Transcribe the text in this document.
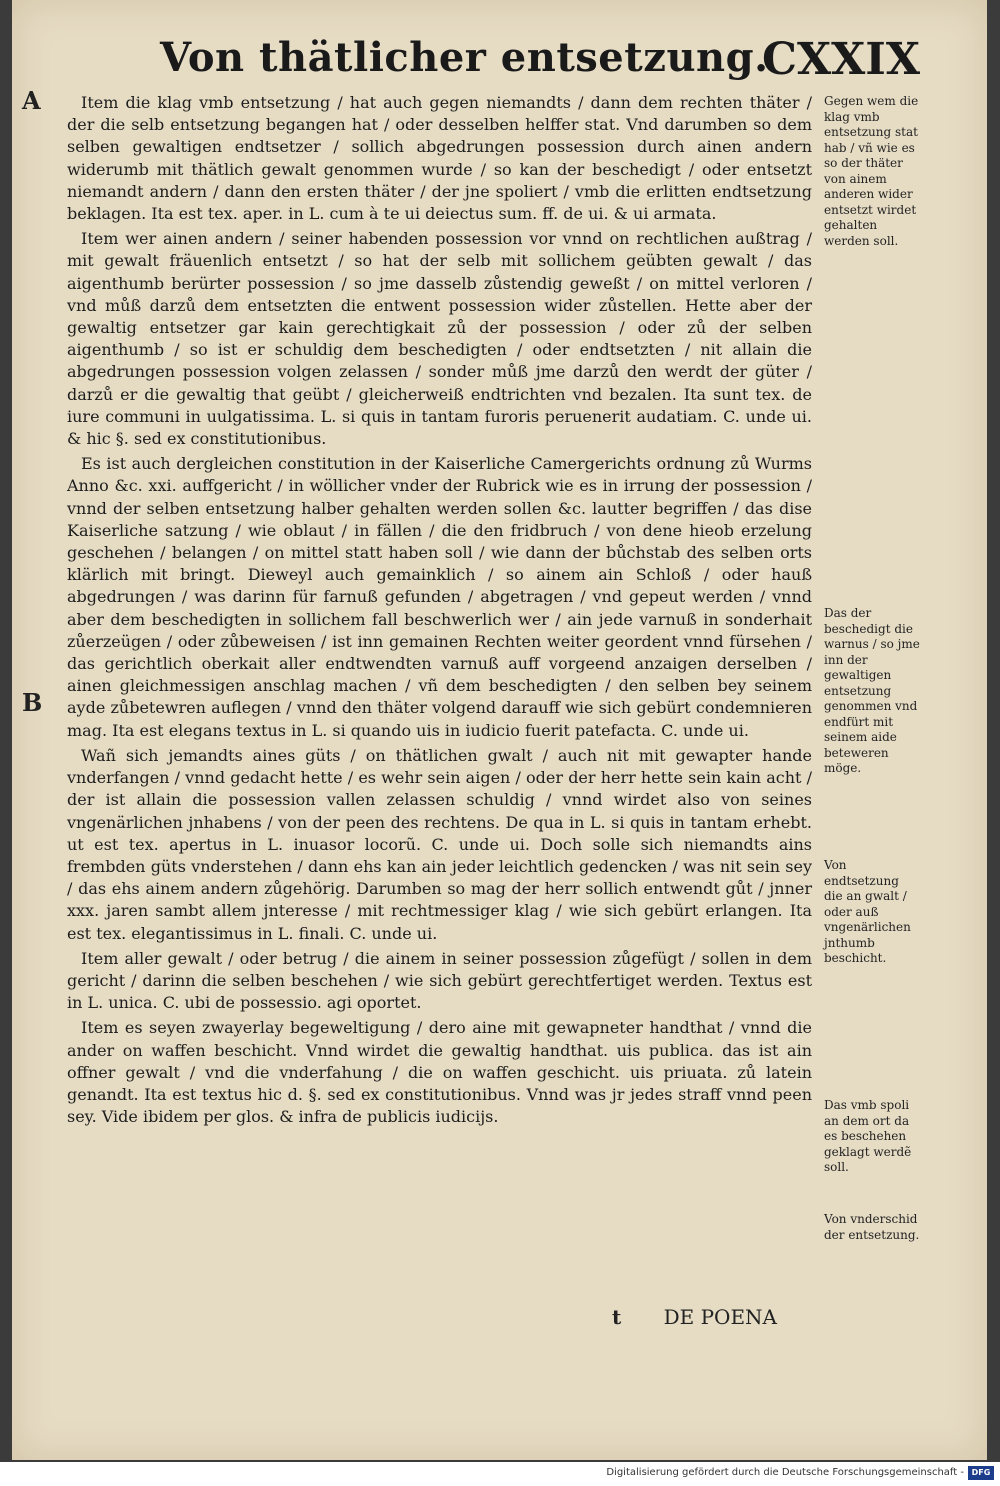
Von thätlicher entsetzung.
CXXIX
A
B

Item die klag vmb entsetzung / hat auch gegen niemandts / dann dem rechten thäter / der die selb entsetzung begangen hat / oder desselben helffer stat. Vnd darumben so dem selben gewaltigen endtsetzer / sollich abgedrungen possession durch ainen andern widerumb mit thätlich gewalt genommen wurde / so kan der beschedigt / oder entsetzt niemandt andern / dann den ersten thäter / der jne spoliert / vmb die erlitten endtsetzung beklagen. Ita est tex. aper. in L. cum à te ui deiectus sum. ff. de ui. & ui armata.

Item wer ainen andern / seiner habenden possession vor vnnd on rechtlichen außtrag / mit gewalt fräuenlich entsetzt / so hat der selb mit sollichem geübten gewalt / das aigenthumb berürter possession / so jme dasselb zůstendig geweßt / on mittel verloren / vnd můß darzů dem entsetzten die entwent possession wider zůstellen. Hette aber der gewaltig entsetzer gar kain gerechtigkait zů der possession / oder zů der selben aigenthumb / so ist er schuldig dem beschedigten / oder endtsetzten / nit allain die abgedrungen possession volgen zelassen / sonder můß jme darzů den werdt der güter / darzů er die gewaltig that geübt / gleicherweiß endtrichten vnd bezalen. Ita sunt tex. de iure communi in uulgatissima. L. si quis in tantam furoris peruenerit audatiam. C. unde ui. & hic §. sed ex constitutionibus.

Es ist auch dergleichen constitution in der Kaiserliche Camergerichts ordnung zů Wurms Anno &c. xxi. auffgericht / in wöllicher vnder der Rubrick wie es in irrung der possession / vnnd der selben entsetzung halber gehalten werden sollen &c. lautter begriffen / das dise Kaiserliche satzung / wie oblaut / in fällen / die den fridbruch / von dene hieob erzelung geschehen / belangen / on mittel statt haben soll / wie dann der bůchstab des selben orts klärlich mit bringt. Dieweyl auch gemainklich / so ainem ain Schloß / oder hauß abgedrungen / was darinn für farnuß gefunden / abgetragen / vnd gepeut werden / vnnd aber dem beschedigten in sollichem fall beschwerlich wer / ain jede varnuß in sonderhait zůerzeügen / oder zůbeweisen / ist inn gemainen Rechten weiter geordent vnnd fürsehen / das gerichtlich oberkait aller endtwendten varnuß auff vorgeend anzaigen derselben / ainen gleichmessigen anschlag machen / vñ dem beschedigten / den selben bey seinem ayde zůbetewren auflegen / vnnd den thäter volgend darauff wie sich gebürt condemnieren mag. Ita est elegans textus in L. si quando uis in iudicio fuerit patefacta. C. unde ui.

Wañ sich jemandts aines güts / on thätlichen gwalt / auch nit mit gewapter hande vnderfangen / vnnd gedacht hette / es wehr sein aigen / oder der herr hette sein kain acht / der ist allain die possession vallen zelassen schuldig / vnnd wirdet also von seines vngenärlichen jnhabens / von der peen des rechtens. De qua in L. si quis in tantam erhebt. ut est tex. apertus in L. inuasor locorũ. C. unde ui. Doch solle sich niemandts ains frembden güts vnderstehen / dann ehs kan ain jeder leichtlich gedencken / was nit sein sey / das ehs ainem andern zůgehörig. Darumben so mag der herr sollich entwendt gůt / jnner xxx. jaren sambt allem jnteresse / mit rechtmessiger klag / wie sich gebürt erlangen. Ita est tex. elegantissimus in L. finali. C. unde ui.

Item aller gewalt / oder betrug / die ainem in seiner possession zůgefügt / sollen in dem gericht / darinn die selben beschehen / wie sich gebürt gerechtfertiget werden. Textus est in L. unica. C. ubi de possessio. agi oportet.

Item es seyen zwayerlay begeweltigung / dero aine mit gewapneter handthat / vnnd die ander on waffen beschicht. Vnnd wirdet die gewaltig handthat. uis publica. das ist ain offner gewalt / vnd die vnderfahung / die on waffen geschicht. uis priuata. zů latein genandt. Ita est textus hic d. §. sed ex constitutionibus. Vnnd was jr jedes straff vnnd peen sey. Vide ibidem per glos. & infra de publicis iudicijs.

Gegen wem die klag vmb entsetzung stat hab / vñ wie es so der thäter von ainem anderen wider entsetzt wirdet gehalten werden soll.
Das der beschedigt die warnus / so jme inn der gewaltigen entsetzung genommen vnd endfürt mit seinem aide beteweren möge.
Von endtsetzung die an gwalt / oder auß vngenärlichen jnthumb beschicht.
Das vmb spoli an dem ort da es beschehen geklagt werdẽ soll.
Von vnderschid der entsetzung.
t DE POENA
Digitalisierung gefördert durch die Deutsche Forschungsgemeinschaft - DFG
